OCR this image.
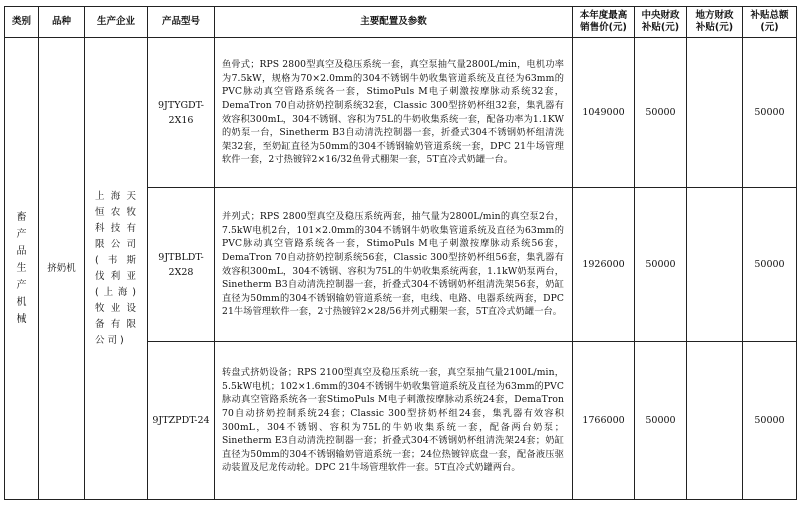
类别	品种	生产企业	产品型号	主要配置及参数	本年度最高销售价(元)	中央财政补贴(元)	地方财政补贴(元)	补贴总额(元)
畜产品生产机械	挤奶机	上海天恒农牧科技有限公司(韦斯伐利亚(上海)牧业设备有限公司)	9JTYGDT-2X16	鱼骨式；RPS 2800型真空及稳压系统一套，真空泵抽气量2800L/min，电机功率为7.5kW，规格为70×2.0mm的304不锈钢牛奶收集管道系统及直径为63mm的PVC脉动真空管路系统各一套，StimoPuls M电子刺激按摩脉动系统32套，DemaTron 70自动挤奶控制系统32套，Classic 300型挤奶杯组32套，集乳器有效容积300mL，304不锈钢、容积为75L的牛奶收集系统一套，配备功率为1.1KW的奶泵一台，Sinetherm B3自动清洗控制器一套，折叠式304不锈钢奶杯组清洗架32套，至奶缸直径为50mm的304不锈钢输奶管道系统一套，DPC 21牛场管理软件一套，2寸热镀锌2×16/32鱼骨式棚架一套，5T直冷式奶罐一台。	1049000	50000		50000
			9JTBLDT-2X28	并列式；RPS 2800型真空及稳压系统两套，抽气量为2800L/min的真空泵2台，7.5kW电机2台，101×2.0mm的304不锈钢牛奶收集管道系统及直径为63mm的PVC脉动真空管路系统各一套，StimoPuls M电子刺激按摩脉动系统56套，DemaTron 70自动挤奶控制系统56套，Classic 300型挤奶杯组56套，集乳器有效容积300mL，304不锈钢、容积为75L的牛奶收集系统两套，1.1kW奶泵两台，Sinetherm B3自动清洗控制器一套，折叠式304不锈钢奶杯组清洗架56套，奶缸直径为50mm的304不锈钢输奶管道系统一套，电线、电路、电器系统两套，DPC 21牛场管理软件一套，2寸热镀锌2×28/56并列式棚架一套，5T直冷式奶罐一台。	1926000	50000		50000
			9JTZPDT-24	转盘式挤奶设备；RPS 2100型真空及稳压系统一套，真空泵抽气量2100L/min，5.5kW电机；102×1.6mm的304不锈钢牛奶收集管道系统及直径为63mm的PVC脉动真空管路系统各一套StimoPuls M电子刺激按摩脉动系统24套，DemaTron 70自动挤奶控制系统24套；Classic 300型挤奶杯组24套，集乳器有效容积300mL，304不锈钢、容积为75L的牛奶收集系统一套，配备两台奶泵；Sinetherm E3自动清洗控制器一套；折叠式304不锈钢奶杯组清洗架24套；奶缸直径为50mm的304不锈钢输奶管道系统一套；24位热镀锌底盘一套，配备液压驱动装置及尼龙传动轮。DPC 21牛场管理软件一套。5T直冷式奶罐两台。	1766000	50000		50000
